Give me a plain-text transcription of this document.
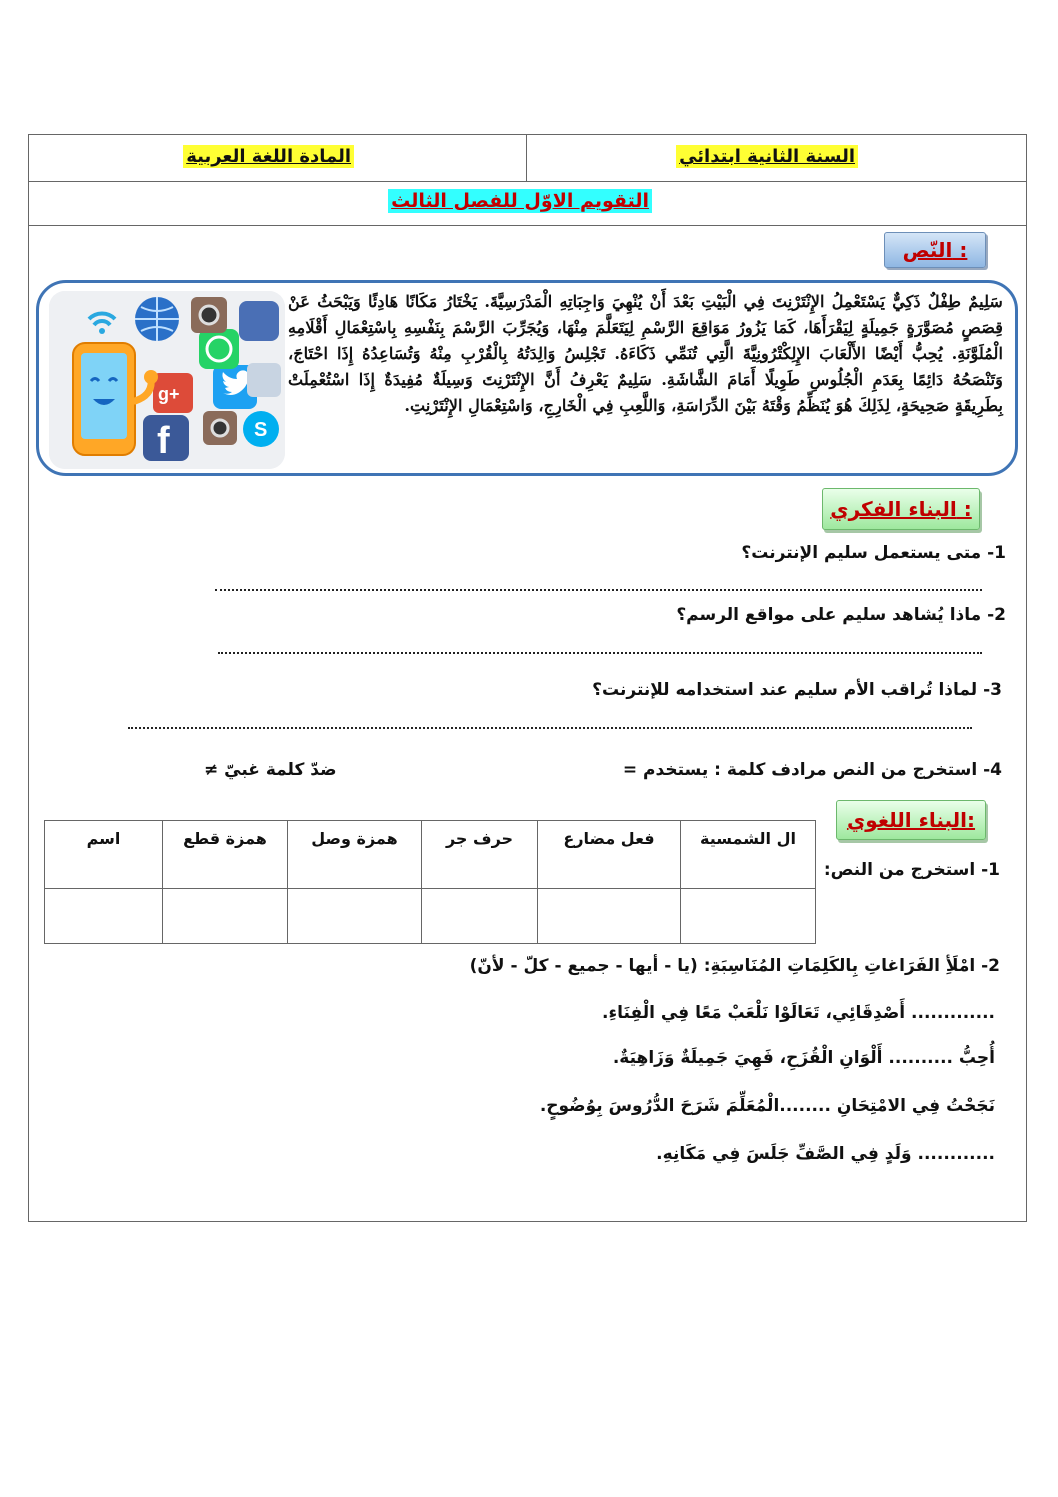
السنة الثانية ابتدائي
المادة اللغة العربية
التقويم الاوّل للفصل الثالث
النّص :
f
g+
S
سَلِيمٌ طِفْلٌ ذَكِيٌّ يَسْتَعْمِلُ الإِنْتَرْنِتَ فِي الْبَيْتِ بَعْدَ أَنْ يُنْهِيَ وَاجِبَاتِهِ الْمَدْرَسِيَّةَ. يَخْتَارُ مَكَانًا هَادِئًا وَيَبْحَثُ عَنْ قِصَصٍ مُصَوَّرَةٍ جَمِيلَةٍ لِيَقْرَأَهَا، كَمَا يَزُورُ مَوَاقِعَ الرَّسْمِ لِيَتَعَلَّمَ مِنْهَا، وَيُجَرِّبَ الرَّسْمَ بِنَفْسِهِ بِاسْتِعْمَالِ أَقْلَامِهِ الْمُلَوَّنَةِ. يُحِبُّ أَيْضًا الأَلْعَابَ الإِلِكْتْرُونِيَّةَ الَّتِي تُنَمِّي ذَكَاءَهُ. تَجْلِسُ وَالِدَتُهُ بِالْقُرْبِ مِنْهُ وَتُسَاعِدُهُ إِذَا احْتَاجَ، وَتَنْصَحُهُ دَائِمًا بِعَدَمِ الْجُلُوسِ طَوِيلًا أَمَامَ الشَّاشَةِ. سَلِيمٌ يَعْرِفُ أَنَّ الإِنْتَرْنِتَ وَسِيلَةٌ مُفِيدَةٌ إِذَا اسْتُعْمِلَتْ بِطَرِيقَةٍ صَحِيحَةٍ، لِذَلِكَ هُوَ يُنَظِّمُ وَقْتَهُ بَيْنَ الدِّرَاسَةِ، وَاللَّعِبِ فِي الْخَارِجِ، وَاسْتِعْمَالِ الإِنْتَرْنِتِ.
البناء الفكري :
1- متى يستعمل سليم الإنترنت؟
2- ماذا يُشاهد سليم على مواقع الرسم؟
3- لماذا تُراقب الأم سليم عند استخدامه للإنترنت؟
4- استخرج من النص مرادف كلمة : يستخدم =
ضدّ كلمة غبيّ ≠
البناء اللغوي:
1- استخرج من النص:
ال الشمسية	فعل مضارع	حرف جر	همزة وصل	همزة قطع	اسم

2- امْلَأِ الفَرَاغاتِ بِالكَلِمَاتِ المُنَاسِبَةِ: (يا - أيها - جميع - كلّ - لأنّ)
............. أَصْدِقَائِي، تَعَالَوْا نَلْعَبْ مَعًا فِي الْفِنَاءِ.
أُحِبُّ .......... أَلْوَانِ الْقُزَحِ، فَهِيَ جَمِيلَةٌ وَزَاهِيَةٌ.
نَجَحْتُ فِي الامْتِحَانِ ........الْمُعَلِّمَ شَرَحَ الدُّرُوسَ بِوُضُوحٍ.
............ وَلَدٍ فِي الصَّفِّ جَلَسَ فِي مَكَانِهِ.
